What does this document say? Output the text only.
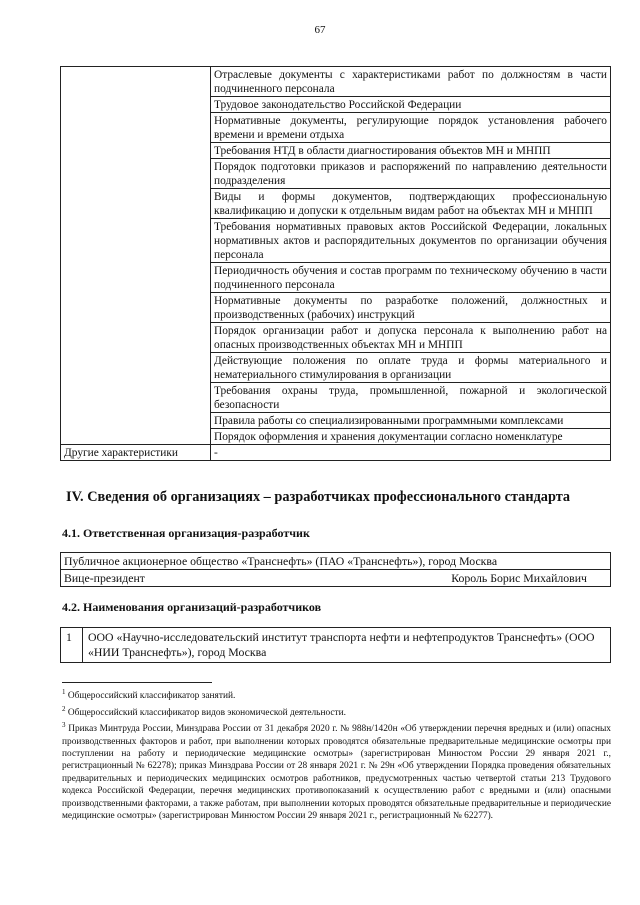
67
	Отраслевые документы с характеристиками работ по должностям в части подчиненного персонала
	Трудовое законодательство Российской Федерации
	Нормативные документы, регулирующие порядок установления рабочего времени и времени отдыха
	Требования НТД в области диагностирования объектов МН и МНПП
	Порядок подготовки приказов и распоряжений по направлению деятельности подразделения
	Виды и формы документов, подтверждающих профессиональную квалификацию и допуски к отдельным видам работ на объектах МН и МНПП
	Требования нормативных правовых актов Российской Федерации, локальных нормативных актов и распорядительных документов по организации обучения персонала
	Периодичность обучения и состав программ по техническому обучению в части подчиненного персонала
	Нормативные документы по разработке положений, должностных и производственных (рабочих) инструкций
	Порядок организации работ и допуска персонала к выполнению работ на опасных производственных объектах МН и МНПП
	Действующие положения по оплате труда и формы материального и нематериального стимулирования в организации
	Требования охраны труда, промышленной, пожарной и экологической безопасности
	Правила работы со специализированными программными комплексами
	Порядок оформления и хранения документации согласно номенклатуре
Другие характеристики	-
IV. Сведения об организациях – разработчиках профессионального стандарта
4.1. Ответственная организация-разработчик
Публичное акционерное общество «Транснефть» (ПАО «Транснефть»), город Москва
Вице-президент	Король Борис Михайлович
4.2. Наименования организаций-разработчиков
1	ООО «Научно-исследовательский институт транспорта нефти и нефтепродуктов Транснефть» (ООО «НИИ Транснефть»), город Москва

$^1$ Общероссийский классификатор занятий.

$^2$ Общероссийский классификатор видов экономической деятельности.

$^3$ Приказ Минтруда России, Минздрава России от 31 декабря 2020 г. № 988н/1420н «Об утверждении перечня вредных и (или) опасных производственных факторов и работ, при выполнении которых проводятся обязательные предварительные медицинские осмотры при поступлении на работу и периодические медицинские осмотры» (зарегистрирован Минюстом России 29 января 2021 г., регистрационный № 62278); приказ Минздрава России от 28 января 2021 г. № 29н «Об утверждении Порядка проведения обязательных предварительных и периодических медицинских осмотров работников, предусмотренных частью четвертой статьи 213 Трудового кодекса Российской Федерации, перечня медицинских противопоказаний к осуществлению работ с вредными и (или) опасными производственными факторами, а также работам, при выполнении которых проводятся обязательные предварительные и периодические медицинские осмотры» (зарегистрирован Минюстом России 29 января 2021 г., регистрационный № 62277).
